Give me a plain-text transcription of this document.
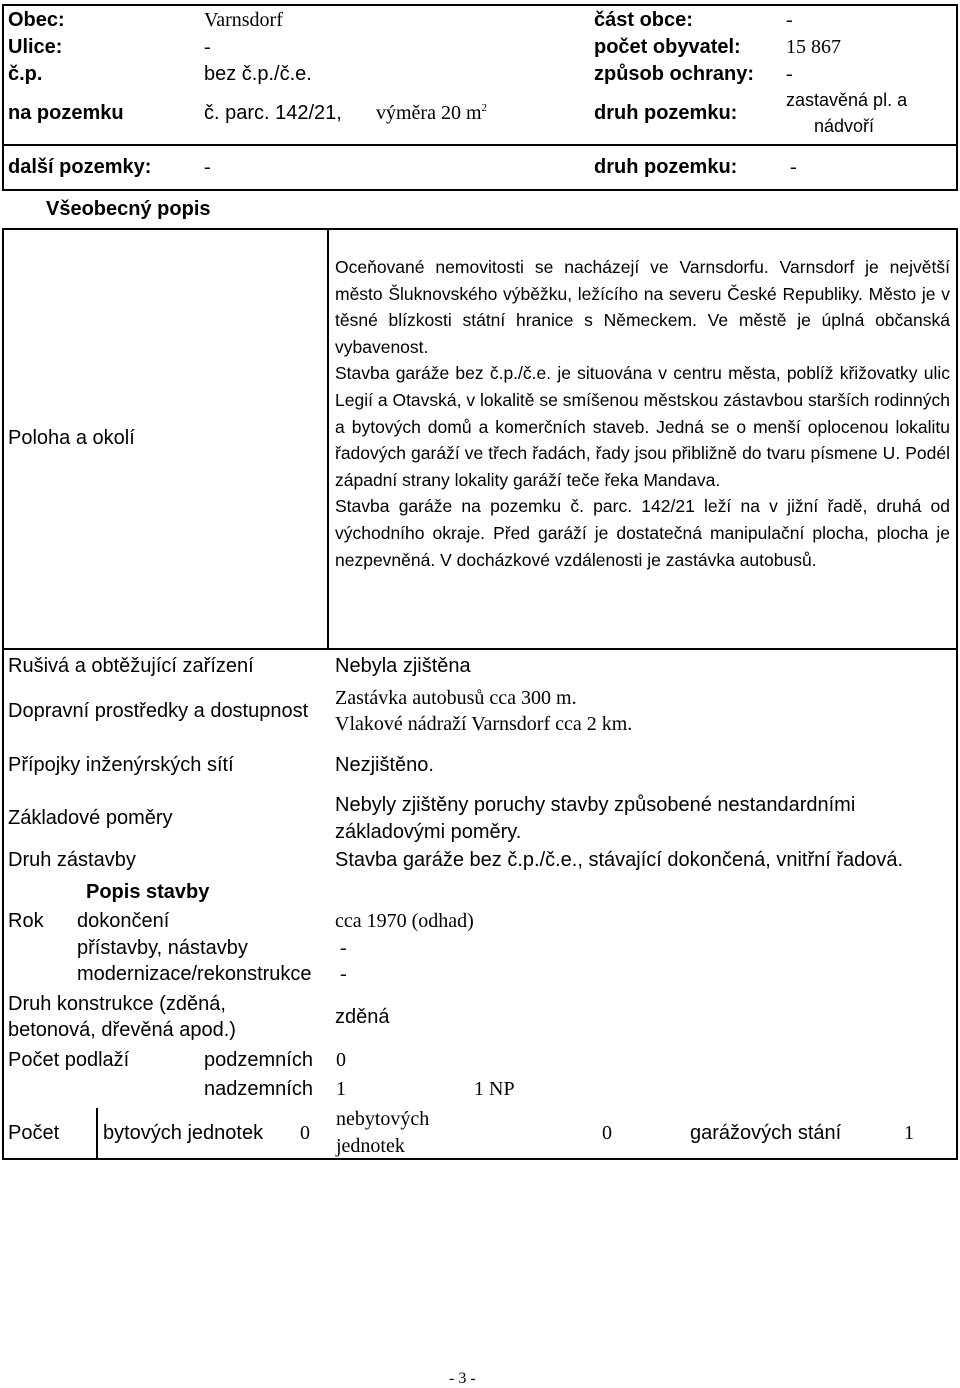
Obec:	Varnsdorf	část obce:	-
Ulice:	-	počet obyvatel: 15 867
č.p.	bez č.p./č.e.	způsob ochrany: -
na pozemku	č. parc. 142/21, výměra 20 $m^2$	druh pozemku:
zastavěná pl. a
nádvoří
další pozemky:	-	druh pozemku:	-
Všeobecný popis
Poloha a okolí

Oceňované nemovitosti se nacházejí ve Varnsdorfu. Varnsdorf je největší město Šluknovského výběžku, ležícího na severu České Republiky. Město je v těsné blízkosti státní hranice s Německem. Ve městě je úplná občanská vybavenost.

Stavba garáže bez č.p./č.e. je situována v centru města, poblíž křižovatky ulic Legií a Otavská, v lokalitě se smíšenou městskou zástavbou starších rodinných a bytových domů a komerčních staveb. Jedná se o menší oplocenou lokalitu řadových garáží ve třech řadách, řady jsou přibližně do tvaru písmene U. Podél západní strany lokality garáží teče řeka Mandava.

Stavba garáže na pozemku č. parc. 142/21 leží na v jižní řadě, druhá od východního okraje. Před garáží je dostatečná manipulační plocha, plocha je nezpevněná. V docházkové vzdálenosti je zastávka autobusů.

Rušivá a obtěžující zařízení	Nebyla zjištěna
Dopravní prostředky a dostupnost
Zastávka autobusů cca 300 m.
Vlakové nádraží Varnsdorf cca 2 km.
Přípojky inženýrských sítí	Nezjištěno.
Základové poměry
Nebyly zjištěny poruchy stavby způsobené nestandardními
základovými poměry.
Druh zástavby	Stavba garáže bez č.p./č.e., stávající dokončená, vnitřní řadová.
Popis stavby
Rok dokončení	cca 1970 (odhad)
přístavby, nástavby	-
modernizace/rekonstrukce -
Druh konstrukce (zděná,
betonová, dřevěná apod.)
zděná
Počet podlaží	podzemních 0
nadzemních 1	1 NP
Počet bytových jednotek 0
nebytových
jednotek
0	garážových stání	1
- 3 -
